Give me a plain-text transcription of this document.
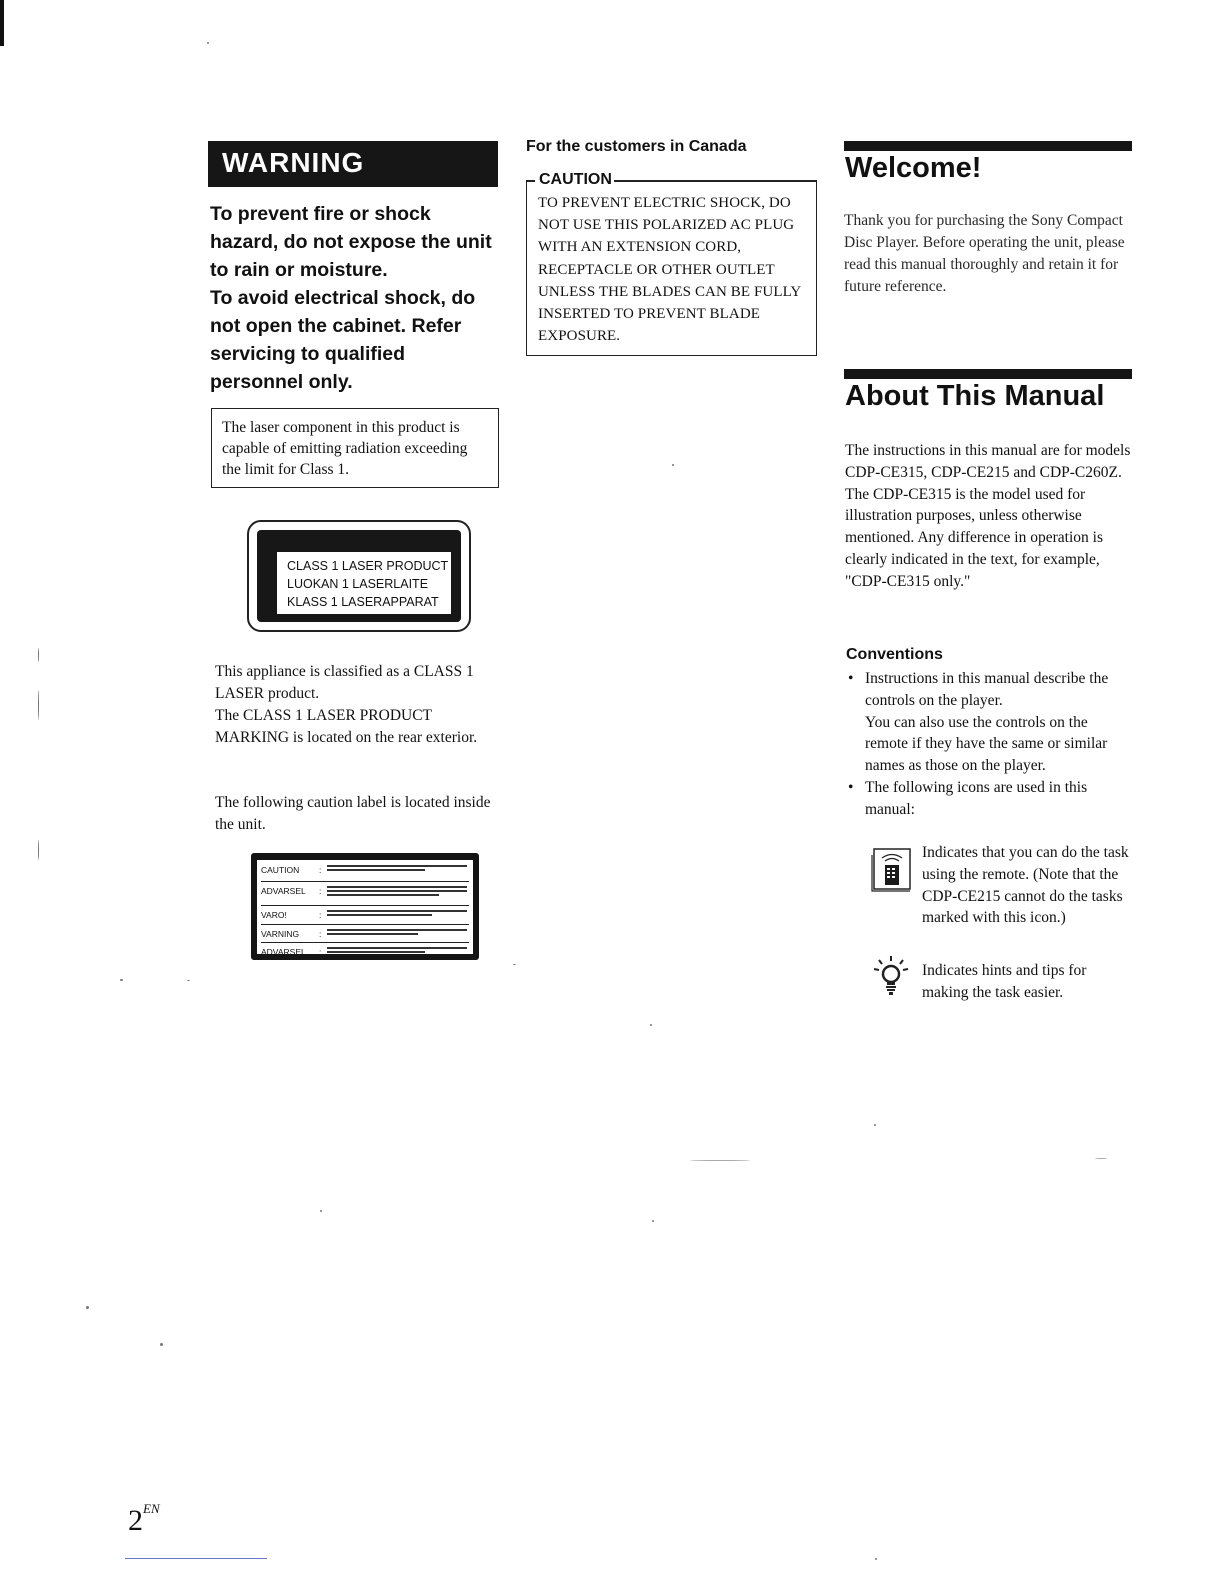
WARNING

To prevent fire or shock hazard, do not expose the unit to rain or moisture.

To avoid electrical shock, do not open the cabinet. Refer servicing to qualified personnel only.

The laser component in this product is capable of emitting radiation exceeding the limit for Class 1.
CLASS 1 LASER PRODUCT
LUOKAN 1 LASERLAITE
KLASS 1 LASERAPPARAT

This appliance is classified as a CLASS 1 LASER product.

The CLASS 1 LASER PRODUCT MARKING is located on the rear exterior.

The following caution label is located inside the unit.
CAUTION :
ADVARSEL :
VARO!	:
VARNING :
ADVARSEL :
For the customers in Canada
CAUTION
TO PREVENT ELECTRIC SHOCK, DO NOT USE THIS POLARIZED AC PLUG WITH AN EXTENSION CORD, RECEPTACLE OR OTHER OUTLET UNLESS THE BLADES CAN BE FULLY INSERTED TO PREVENT BLADE EXPOSURE.
Welcome!
Thank you for purchasing the Sony Compact Disc Player. Before operating the unit, please read this manual thoroughly and retain it for future reference.
About This Manual
The instructions in this manual are for models CDP-CE315, CDP-CE215 and CDP-C260Z. The CDP-CE315 is the model used for illustration purposes, unless otherwise mentioned. Any difference in operation is clearly indicated in the text, for example, "CDP-CE315 only."
Conventions
• Instructions in this manual describe the controls on the player.
You can also use the controls on the remote if they have the same or similar names as those on the player.
• The following icons are used in this manual:
Indicates that you can do the task using the remote. (Note that the CDP-CE215 cannot do the tasks marked with this icon.)
Indicates hints and tips for making the task easier.
$2^{EN}$
